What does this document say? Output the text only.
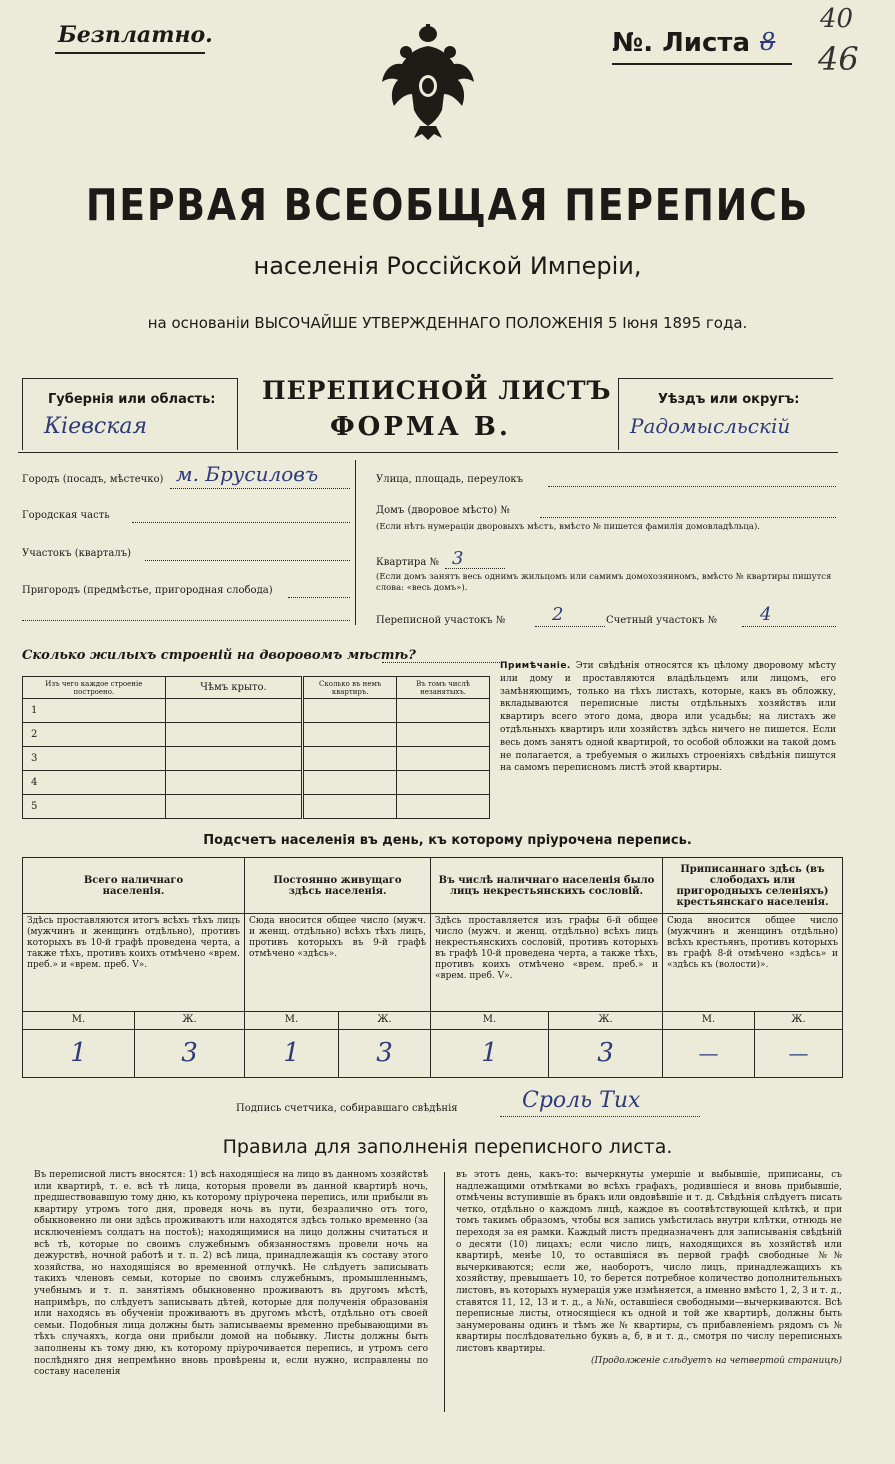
Безплатно.	№. Листа 8
40
46
ПЕРВАЯ ВСЕОБЩАЯ ПЕРЕПИСЬ
населенія Россійской Имперіи,
на основаніи ВЫСОЧАЙШЕ УТВЕРЖДЕННАГО ПОЛОЖЕНІЯ 5 Іюня 1895 года.
Губернія или область:
Кіевская
ПЕРЕПИСНОЙ ЛИСТЪ
ФОРМА В.
Уѣздъ или округъ:
Радомысльскій
Городъ (посадъ, мѣстечко) м. Брусиловъ
Городская часть
Участокъ (кварталъ)
Пригородъ (предмѣстье, пригородная слобода)
Улица, площадь, переулокъ
Домъ (дворовое мѣсто) №
(Если нѣтъ нумераціи дворовыхъ мѣстъ, вмѣсто № пишется фамилія домовладѣльца).
Квартира № 3
(Если домъ занятъ весь однимъ жильцомъ или самимъ домохозяиномъ, вмѣсто № квартиры пишутся слова: «весь домъ»).
Переписной участокъ №	2	Счетный участокъ № 4
Сколько жилыхъ строеній на дворовомъ мѣстѣ?
Изъ чего каждое строеніе построено.	Чѣмъ крыто.	Сколько въ немъ квартиръ.	Въ томъ числѣ незанятыхъ.
1			
2			
3			
4			
5			
Примѣчаніе. Эти свѣдѣнія относятся къ цѣлому дворовому мѣсту или дому и проставляются владѣльцемъ или лицомъ, его замѣняющимъ, только на тѣхъ листахъ, которые, какъ въ обложку, вкладываются переписные листы отдѣльныхъ хозяйствъ или квартиръ всего этого дома, двора или усадьбы; на листахъ же отдѣльныхъ квартиръ или хозяйствъ здѣсь ничего не пишется. Если весь домъ занятъ одной квартирой, то особой обложки на такой домъ не полагается, а требуемыя о жилыхъ строеніяхъ свѣдѣнія пишутся на самомъ переписномъ листѣ этой квартиры.
Подсчетъ населенія въ день, къ которому пріурочена перепись.
Всего наличнаго населенія.		Постоянно живущаго здѣсь населенія.		Въ числѣ наличнаго населенія было лицъ некрестьянскихъ сословій.		Приписаннаго здѣсь (въ слободахъ или пригородныхъ селеніяхъ) крестьянскаго населенія.	
Здѣсь проставляются итогъ всѣхъ тѣхъ лицъ (мужчинъ и женщинъ отдѣльно), противъ которыхъ въ 10-й графѣ проведена черта, а также тѣхъ, противъ коихъ отмѣчено «врем. преб.» и «врем. преб. V».		Сюда вносится общее число (мужч. и женщ. отдѣльно) всѣхъ тѣхъ лицъ, противъ которыхъ въ 9-й графѣ отмѣчено «здѣсь».		Здѣсь проставляется изъ графы 6-й общее число (мужч. и женщ. отдѣльно) всѣхъ лицъ некрестьянскихъ сословій, противъ которыхъ въ графѣ 10-й проведена черта, а также тѣхъ, противъ коихъ отмѣчено «врем. преб.» и «врем. преб. V».		Сюда вносится общее число (мужчинъ и женщинъ отдѣльно) всѣхъ крестьянъ, противъ которыхъ въ графѣ 8-й отмѣчено «здѣсь» и «здѣсь къ (волости)».	
М.	Ж.	М.	Ж.	М.	Ж.	М.	Ж.
1	3	1	3	1	3	—	—
Подпись счетчика, собиравшаго свѣдѣнія	Сроль Тих
Правила для заполненія переписного листа.
Въ переписной листъ вносятся: 1) всѣ находящіеся на лицо въ данномъ хозяйствѣ или квартирѣ, т. е. всѣ тѣ лица, которыя провели въ данной квартирѣ ночь, предшествовавшую тому дню, къ которому пріурочена перепись, или прибыли въ квартиру утромъ того дня, проведя ночь въ пути, безразлично отъ того, обыкновенно ли они здѣсь проживаютъ или находятся здѣсь только временно (за исключеніемъ солдатъ на постоѣ); находящимися на лицо должны считаться и всѣ тѣ, которые по своимъ служебнымъ обязанностямъ провели ночь на дежурствѣ, ночной работѣ и т. п. 2) всѣ лица, принадлежащія къ составу этого хозяйства, но находящіяся во временной отлучкѣ. Не слѣдуетъ записывать такихъ членовъ семьи, которые по своимъ служебнымъ, промышленнымъ, учебнымъ и т. п. занятіямъ обыкновенно проживаютъ въ другомъ мѣстѣ, напримѣръ, по слѣдуетъ записывать дѣтей, которые для полученія образованія или находясь въ обученіи проживаютъ въ другомъ мѣстѣ, отдѣльно отъ своей семьи. Подобныя лица должны быть записываемы временно пребывающими въ тѣхъ случаяхъ, когда они прибыли домой на побывку. Листы должны быть заполнены къ тому дню, къ которому пріурочивается перепись, и утромъ сего послѣдняго дня непремѣнно вновь провѣрены и, если нужно, исправлены по составу населенія
въ этотъ день, какъ-то: вычеркнуты умершіе и выбывшіе, приписаны, съ надлежащими отмѣтками во всѣхъ графахъ, родившіеся и вновь прибывшіе, отмѣчены вступившіе въ бракъ или овдовѣвшіе и т. д. Свѣдѣнія слѣдуетъ писать четко, отдѣльно о каждомъ лицѣ, каждое въ соотвѣтствующей клѣткѣ, и при томъ такимъ образомъ, чтобы вся запись умѣстилась внутри клѣтки, отнюдь не переходя за ея рамки. Каждый листъ предназначенъ для записыванія свѣдѣній о десяти (10) лицахъ; если число лицъ, находящихся въ хозяйствѣ или квартирѣ, менѣе 10, то оставшіяся въ первой графѣ свободные №№ вычеркиваются; если же, наоборотъ, число лицъ, принадлежащихъ къ хозяйству, превышаетъ 10, то берется потребное количество дополнительныхъ листовъ, въ которыхъ нумерація уже измѣняется, а именно вмѣсто 1, 2, 3 и т. д., ставятся 11, 12, 13 и т. д., а №№, оставшіеся свободными—вычеркиваются. Всѣ переписные листы, относящіеся къ одной и той же квартирѣ, должны быть занумерованы одинъ и тѣмъ же № квартиры, съ прибавленіемъ рядомъ съ № квартиры послѣдовательно буквъ а, б, в и т. д., смотря по числу переписныхъ листовъ квартиры.
(Продолженіе слѣдуетъ на четвертой страницѣ)
